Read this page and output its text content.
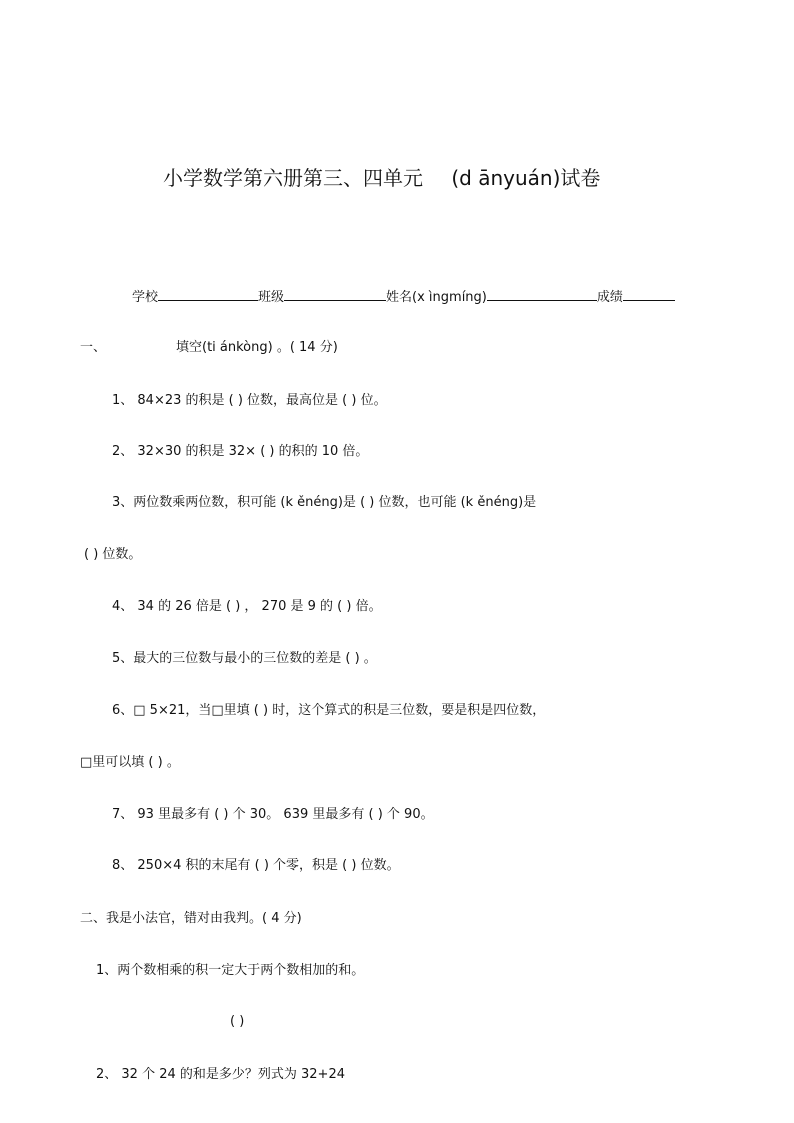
小学数学第六册第三、四单元 (d ānyuán)试卷
学校	班级	姓名(x ìngmíng)	成绩
一、	填空(ti ánkòng) 。( 14 分)
1、 84×23 的积是 ( ) 位数，最高位是 ( ) 位。
2、 32×30 的积是 32× ( ) 的积的 10 倍。
3、两位数乘两位数，积可能 (k ěnéng)是 ( ) 位数，也可能 (k ěnéng)是
( ) 位数。
4、 34 的 26 倍是 ( ) ， 270 是 9 的 ( ) 倍。
5、最大的三位数与最小的三位数的差是 ( ) 。
6、□ 5×21，当□里填 ( ) 时，这个算式的积是三位数，要是积是四位数，
□里可以填 ( ) 。
7、 93 里最多有 ( ) 个 30。 639 里最多有 ( ) 个 90。
8、 250×4 积的末尾有 ( ) 个零，积是 ( ) 位数。
二、我是小法官，错对由我判。( 4 分)
1、两个数相乘的积一定大于两个数相加的和。
( )
2、 32 个 24 的和是多少？列式为 32+24
